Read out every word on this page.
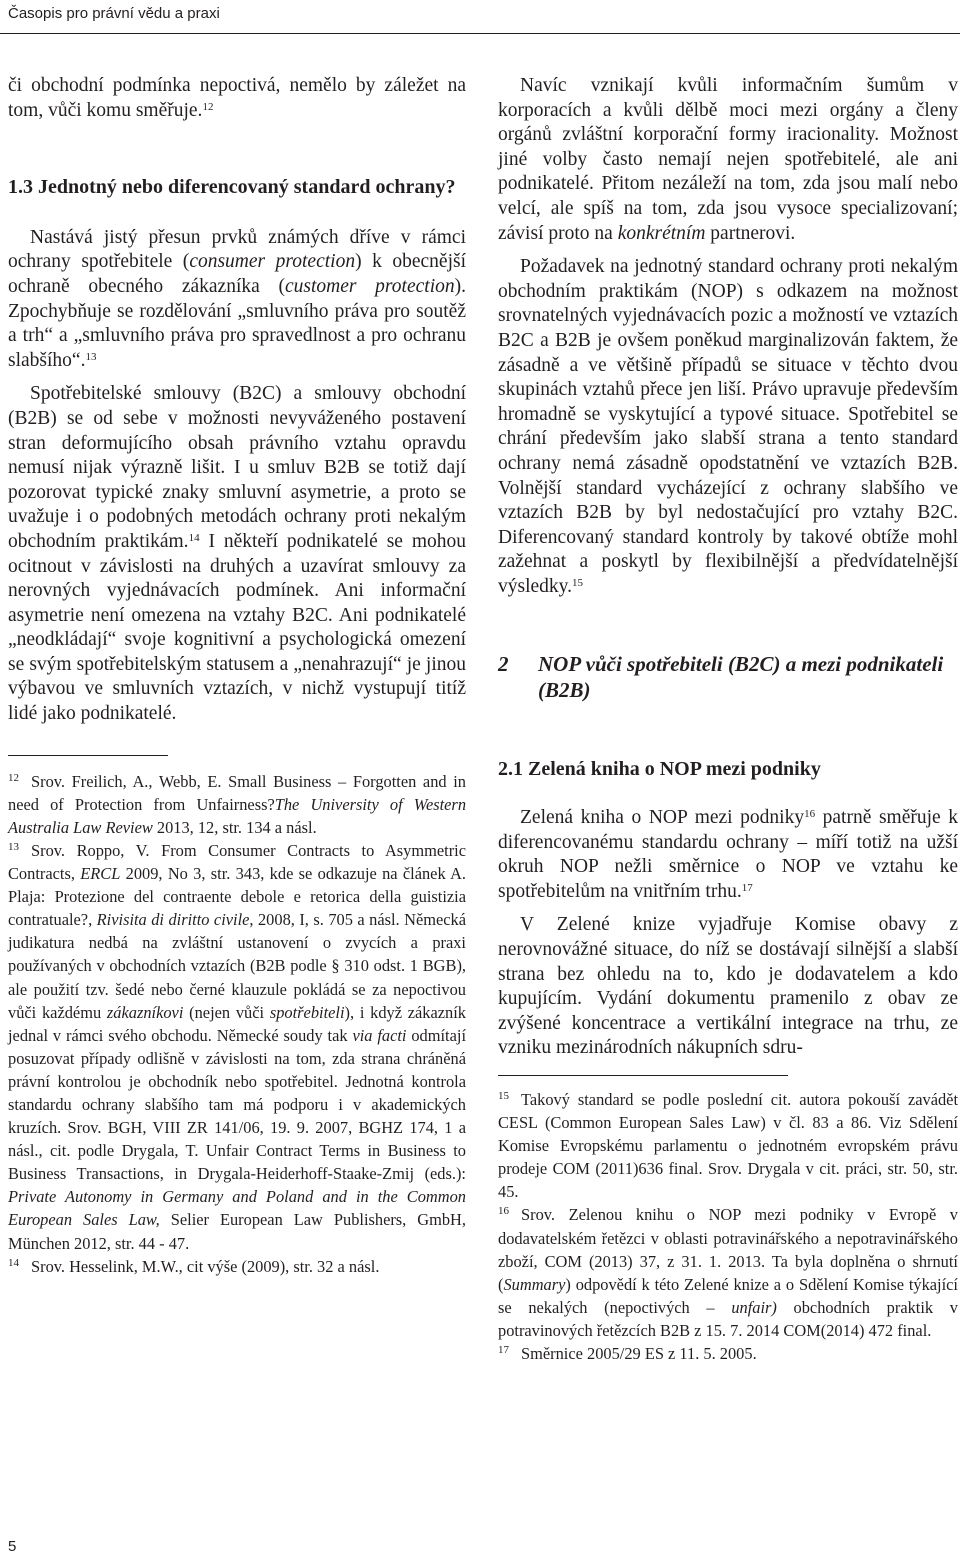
Časopis pro právní vědu a praxi

či obchodní podmínka nepoctivá, nemělo by záležet na tom, vůči komu směřuje.$^{12}$

1.3 Jednotný nebo diferencovaný standard ochrany?

Nastává jistý přesun prvků známých dříve v rámci ochrany spotřebitele (consumer protection) k obecnější ochraně obecného zákazníka (customer protection). Zpochybňuje se rozdělování „smluvního práva pro soutěž a trh“ a „smluvního práva pro spravedlnost a pro ochranu slabšího“.$^{13}$

Spotřebitelské smlouvy (B2C) a smlouvy obchodní (B2B) se od sebe v možnosti nevyváženého postavení stran deformujícího obsah právního vztahu opravdu nemusí nijak výrazně lišit. I u smluv B2B se totiž dají pozorovat typické znaky smluvní asymetrie, a proto se uvažuje i o podobných metodách ochrany proti nekalým obchodním praktikám.$^{14}$ I někteří podnikatelé se mohou ocitnout v závislosti na druhých a uzavírat smlouvy za nerovných vyjednávacích podmínek. Ani informační asymetrie není omezena na vztahy B2C. Ani podnikatelé „neodkládají“ svoje kognitivní a psychologická omezení se svým spotřebitelským statusem a „nenahrazují“ je jinou výbavou ve smluvních vztazích, v nichž vystupují titíž lidé jako podnikatelé.

$^{12}$ Srov. Freilich, A., Webb, E. Small Business – Forgotten and in need of Protection from Unfairness?The University of Western Australia Law Review 2013, 12, str. 134 a násl.

$^{13}$ Srov. Roppo, V. From Consumer Contracts to Asymmetric Contracts, ERCL 2009, No 3, str. 343, kde se odkazuje na článek A. Plaja: Protezione del contraente debole e retorica della guistizia contratuale?, Rivisita di diritto civile, 2008, I, s. 705 a násl. Německá judikatura nedbá na zvláštní ustanovení o zvycích a praxi používaných v obchodních vztazích (B2B podle § 310 odst. 1 BGB), ale použití tzv. šedé nebo černé klauzule pokládá se za nepoctivou vůči každému zákazníkovi (nejen vůči spotřebiteli), i když zákazník jednal v rámci svého obchodu. Německé soudy tak via facti odmítají posuzovat případy odlišně v závislosti na tom, zda strana chráněná právní kontrolou je obchodník nebo spotřebitel. Jednotná kontrola standardu ochrany slabšího tam má podporu i v akademických kruzích. Srov. BGH, VIII ZR 141/06, 19. 9. 2007, BGHZ 174, 1 a násl., cit. podle Drygala, T. Unfair Contract Terms in Business to Business Transactions, in Drygala-Heiderhoff-Staake-Zmij (eds.): Private Autonomy in Germany and Poland and in the Common European Sales Law, Selier European Law Publishers, GmbH, München 2012, str. 44 - 47.

$^{14}$ Srov. Hesselink, M.W., cit výše (2009), str. 32 a násl.

Navíc vznikají kvůli informačním šumům v korporacích a kvůli dělbě moci mezi orgány a členy orgánů zvláštní korporační formy iracionality. Možnost jiné volby často nemají nejen spotřebitelé, ale ani podnikatelé. Přitom nezáleží na tom, zda jsou malí nebo velcí, ale spíš na tom, zda jsou vysoce specializovaní; závisí proto na konkrétním partnerovi.

Požadavek na jednotný standard ochrany proti nekalým obchodním praktikám (NOP) s odkazem na možnost srovnatelných vyjednávacích pozic a možností ve vztazích B2C a B2B je ovšem poněkud marginalizován faktem, že zásadně a ve většině případů se situace v těchto dvou skupinách vztahů přece jen liší. Právo upravuje především hromadně se vyskytující a typové situace. Spotřebitel se chrání především jako slabší strana a tento standard ochrany nemá zásadně opodstatnění ve vztazích B2B. Volnější standard vycházející z ochrany slabšího ve vztazích B2B by byl nedostačující pro vztahy B2C. Diferencovaný standard kontroly by takové obtíže mohl zažehnat a poskytl by flexibilnější a předvídatelnější výsledky.$^{15}$

2	NOP vůči spotřebiteli (B2C) a mezi podnikateli (B2B)
2.1 Zelená kniha o NOP mezi podniky

Zelená kniha o NOP mezi podniky$^{16}$ patrně směřuje k diferencovanému standardu ochrany – míří totiž na užší okruh NOP nežli směrnice o NOP ve vztahu ke spotřebitelům na vnitřním trhu.$^{17}$

V Zelené knize vyjadřuje Komise obavy z nerovnovážné situace, do níž se dostávají silnější a slabší strana bez ohledu na to, kdo je dodavatelem a kdo kupujícím. Vydání dokumentu pramenilo z obav ze zvýšené koncentrace a vertikální integrace na trhu, ze vzniku mezinárodních nákupních sdru-

$^{15}$ Takový standard se podle poslední cit. autora pokouší zavádět CESL (Common European Sales Law) v čl. 83 a 86. Viz Sdělení Komise Evropskému parlamentu o jednotném evropském právu prodeje COM (2011)636 final. Srov. Drygala v cit. práci, str. 50, str. 45.

$^{16}$ Srov. Zelenou knihu o NOP mezi podniky v Evropě v dodavatelském řetězci v oblasti potravinářského a nepotravinářského zboží, COM (2013) 37, z 31. 1. 2013. Ta byla doplněna o shrnutí (Summary) odpovědí k této Zelené knize a o Sdělení Komise týkající se nekalých (nepoctivých – unfair) obchodních praktik v potravinových řetězcích B2B z 15. 7. 2014 COM(2014) 472 final.

$^{17}$ Směrnice 2005/29 ES z 11. 5. 2005.

5
